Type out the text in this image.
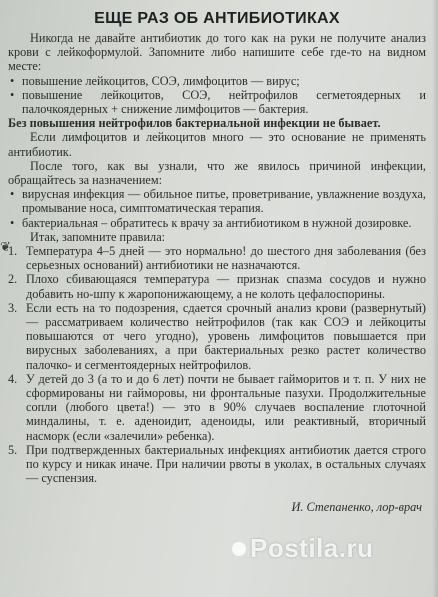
ЕЩЕ РАЗ ОБ АНТИБИОТИКАХ

Никогда не давайте антибиотик до того как на руки не получите анализ крови с лейкоформулой. Запомните либо напишите себе где-то на видном месте:

• повышение лейкоцитов, СОЭ, лимфоцитов — вирус;
• повышение лейкоцитов, СОЭ, нейтрофилов сегметоядерных и палочкоядерных + снижение лимфоцитов — бактерия.

Без повышения нейтрофилов бактериальной инфекции не бывает.

Если лимфоцитов и лейкоцитов много — это основание не применять антибиотик.

После того, как вы узнали, что же явилось причиной инфекции, обращайтесь за назначением:

• вирусная инфекция — обильное питье, проветривание, увлажнение воздуха, промывание носа, симптоматическая терапия.
• бактериальная – обратитесь к врачу за антибиотиком в нужной дозировке.

Итак, запомните правила:

1. Температура 4–5 дней — это нормально! до шестого дня заболевания (без серьезных оснований) антибиотики не назначаются.
2. Плохо сбивающаяся температура — признак спазма сосудов и нужно добавить но-шпу к жаропонижающему, а не колоть цефалоспорины.
3. Если есть на то подозрения, сдается срочный анализ крови (развернутый) — рассматриваем количество нейтрофилов (так как СОЭ и лейкоциты повышаются от чего угодно), уровень лимфоцитов повышается при вирусных заболеваниях, а при бактериальных резко растет количество палочко- и сегментоядерных нейтрофилов.
4. У детей до 3 (а то и до 6 лет) почти не бывает гайморитов и т. п. У них не сформированы ни гайморовы, ни фронтальные пазухи. Продолжительные сопли (любого цвета!) — это в 90% случаев воспаление глоточной миндалины, т. е. аденоидит, аденоиды, или реактивный, вторичный насморк (если «залечили» ребенка).
5. При подтвержденных бактериальных инфекциях антибиотик дается строго по курсу и никак иначе. При наличии рвоты в уколах, в остальных случаях — суспензия.
И. Степаненко, лор-врач
❦
Postila.ru
